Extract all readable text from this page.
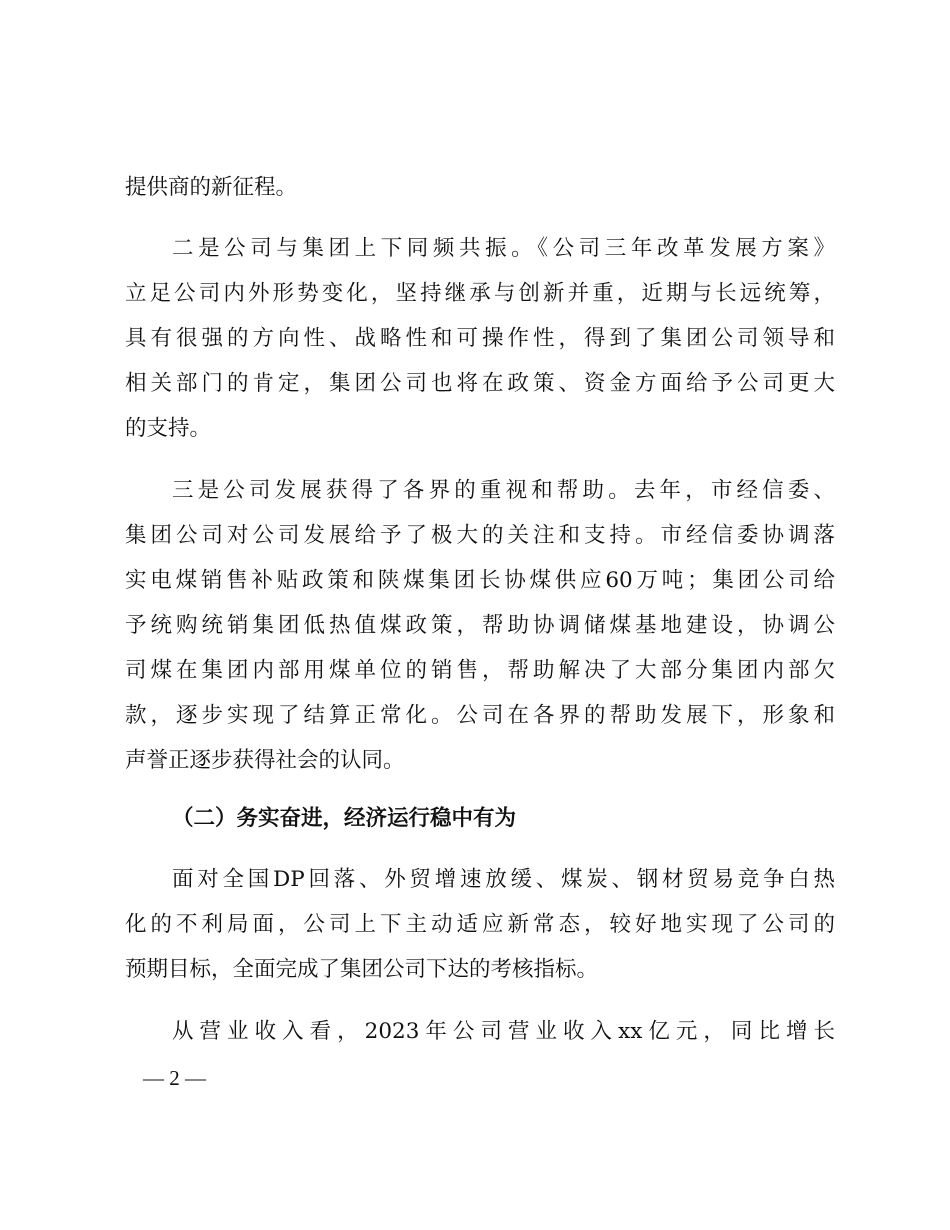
提供商的新征程。
二是公司与集团上下同频共振。《公司三年改革发展方案》
立足公司内外形势变化，坚持继承与创新并重，近期与长远统筹，
具有很强的方向性、战略性和可操作性，得到了集团公司领导和
相关部门的肯定，集团公司也将在政策、资金方面给予公司更大
的支持。
三是公司发展获得了各界的重视和帮助。去年，市经信委、
集团公司对公司发展给予了极大的关注和支持。市经信委协调落
实电煤销售补贴政策和陕煤集团长协煤供应60万吨；集团公司给
予统购统销集团低热值煤政策，帮助协调储煤基地建设，协调公
司煤在集团内部用煤单位的销售，帮助解决了大部分集团内部欠
款，逐步实现了结算正常化。公司在各界的帮助发展下，形象和
声誉正逐步获得社会的认同。
（二）务实奋进，经济运行稳中有为
面对全国DP回落、外贸增速放缓、煤炭、钢材贸易竞争白热
化的不利局面，公司上下主动适应新常态，较好地实现了公司的
预期目标，全面完成了集团公司下达的考核指标。
从营业收入看，2023年公司营业收入xx亿元，同比增长
— 2 —
